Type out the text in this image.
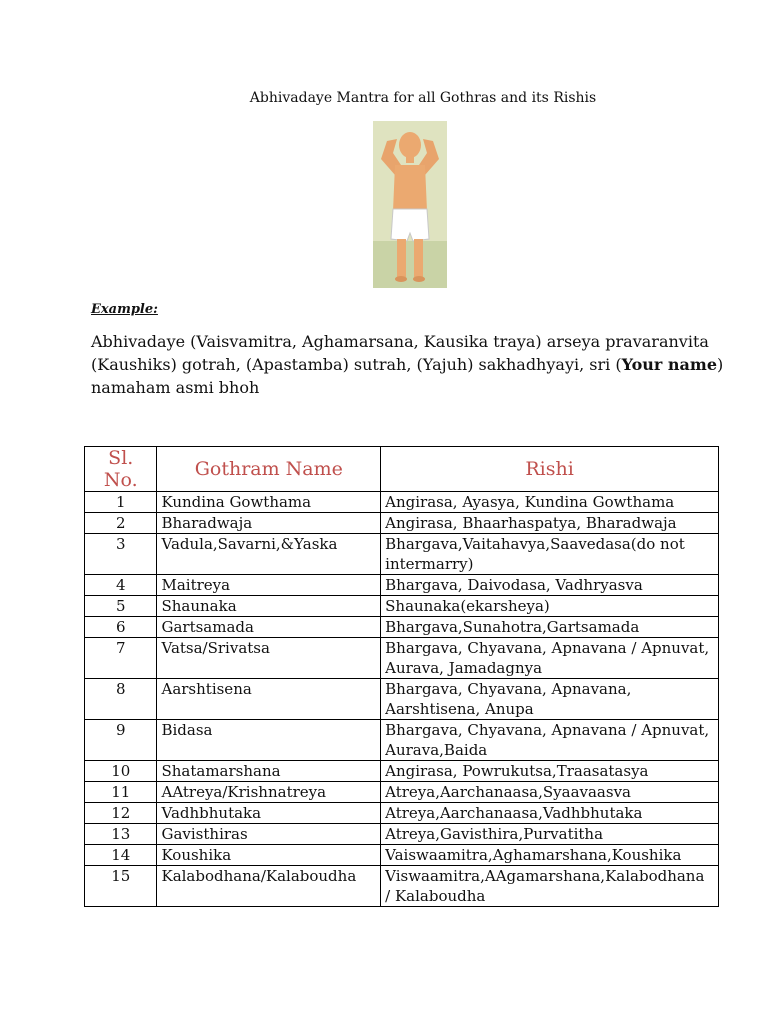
Abhivadaye Mantra for all Gothras and its Rishis
Example:
Abhivadaye (Vaisvamitra, Aghamarsana, Kausika traya) arseya pravaranvita (Kaushiks) gotrah, (Apastamba) sutrah, (Yajuh) sakhadhyayi, sri (Your name) namaham asmi bhoh
Sl. No.	Gothram Name	Rishi
1	Kundina Gowthama	Angirasa, Ayasya, Kundina Gowthama
2	Bharadwaja	Angirasa, Bhaarhaspatya, Bharadwaja
3	Vadula,Savarni,&Yaska	Bhargava,Vaitahavya,Saavedasa(do not intermarry)
4	Maitreya	Bhargava, Daivodasa, Vadhryasva
5	Shaunaka	Shaunaka(ekarsheya)
6	Gartsamada	Bhargava,Sunahotra,Gartsamada
7	Vatsa/Srivatsa	Bhargava, Chyavana, Apnavana / Apnuvat, Aurava, Jamadagnya
8	Aarshtisena	Bhargava, Chyavana, Apnavana, Aarshtisena, Anupa
9	Bidasa	Bhargava, Chyavana, Apnavana / Apnuvat, Aurava,Baida
10	Shatamarshana	Angirasa, Powrukutsa,Traasatasya
11	AAtreya/Krishnatreya	Atreya,Aarchanaasa,Syaavaasva
12	Vadhbhutaka	Atreya,Aarchanaasa,Vadhbhutaka
13	Gavisthiras	Atreya,Gavisthira,Purvatitha
14	Koushika	Vaiswaamitra,Aghamarshana,Koushika
15	Kalabodhana/Kalaboudha	Viswaamitra,AAgamarshana,Kalabodhana / Kalaboudha
